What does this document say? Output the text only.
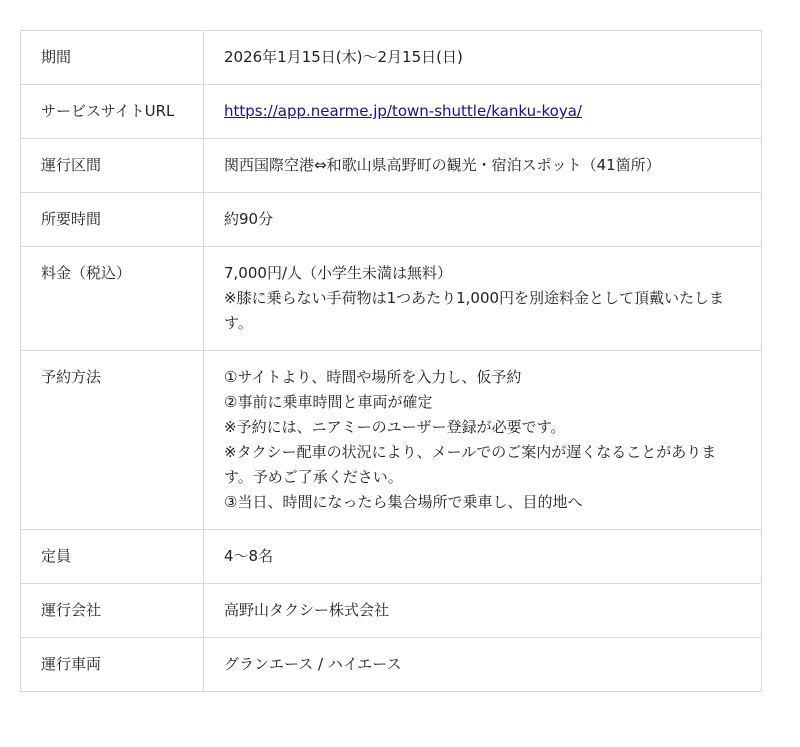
期間	2026年1月15日(木)〜2月15日(日)

サービスサイトURL	https://app.nearme.jp/town-shuttle/kanku-koya/
運行区間	関西国際空港⇔和歌山県高野町の観光・宿泊スポット（41箇所）

所要時間	約90分

料金（税込）	7,000円/人（小学生未満は無料）
※膝に乗らない手荷物は1つあたり1,000円を別途料金として頂戴いたします。

予約方法	①サイトより、時間や場所を入力し、仮予約
②事前に乗車時間と車両が確定
※予約には、ニアミーのユーザー登録が必要です。
※タクシー配車の状況により、メールでのご案内が遅くなることがあります。予めご了承ください。
③当日、時間になったら集合場所で乗車し、目的地へ

定員	4〜8名

運行会社	高野山タクシー株式会社

運行車両	グランエース / ハイエース
